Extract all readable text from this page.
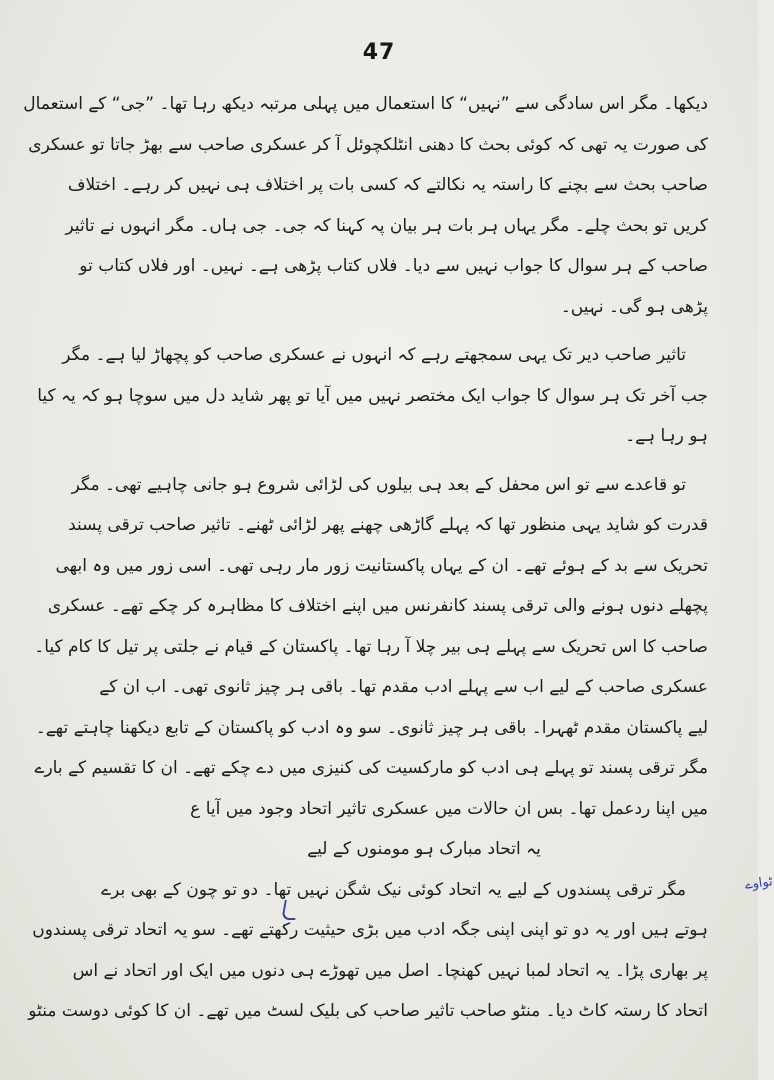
47
دیکھا۔ مگر اس سادگی سے ”نہیں“ کا استعمال میں پہلی مرتبہ دیکھ رہا تھا۔ ”جی“ کے استعمال
کی صورت یہ تھی کہ کوئی بحث کا دھنی انٹلکچوئل آ کر عسکری صاحب سے بھڑ جاتا تو عسکری
صاحب بحث سے بچنے کا راستہ یہ نکالتے کہ کسی بات پر اختلاف ہی نہیں کر رہے۔ اختلاف
کریں تو بحث چلے۔ مگر یہاں ہر بات ہر بیان پہ کہنا کہ جی۔ جی ہاں۔ مگر انہوں نے تاثیر
صاحب کے ہر سوال کا جواب نہیں سے دیا۔ فلاں کتاب پڑھی ہے۔ نہیں۔ اور فلاں کتاب تو
پڑھی ہو گی۔ نہیں۔
تاثیر صاحب دیر تک یہی سمجھتے رہے کہ انہوں نے عسکری صاحب کو پچھاڑ لیا ہے۔ مگر
جب آخر تک ہر سوال کا جواب ایک مختصر نہیں میں آیا تو پھر شاید دل میں سوچا ہو کہ یہ کیا
ہو رہا ہے۔
تو قاعدے سے تو اس محفل کے بعد ہی بیلوں کی لڑائی شروع ہو جانی چاہیے تھی۔ مگر
قدرت کو شاید یہی منظور تھا کہ پہلے گاڑھی چھنے پھر لڑائی ٹھنے۔ تاثیر صاحب ترقی پسند
تحریک سے بد کے ہوئے تھے۔ ان کے یہاں پاکستانیت زور مار رہی تھی۔ اسی زور میں وہ ابھی
پچھلے دنوں ہونے والی ترقی پسند کانفرنس میں اپنے اختلاف کا مظاہرہ کر چکے تھے۔ عسکری
صاحب کا اس تحریک سے پہلے ہی بیر چلا آ رہا تھا۔ پاکستان کے قیام نے جلتی پر تیل کا کام کیا۔
عسکری صاحب کے لیے اب سے پہلے ادب مقدم تھا۔ باقی ہر چیز ثانوی تھی۔ اب ان کے
لیے پاکستان مقدم ٹھہرا۔ باقی ہر چیز ثانوی۔ سو وہ ادب کو پاکستان کے تابع دیکھنا چاہتے تھے۔
مگر ترقی پسند تو پہلے ہی ادب کو مارکسیت کی کنیزی میں دے چکے تھے۔ ان کا تقسیم کے بارے
میں اپنا ردعمل تھا۔ بس ان حالات میں عسکری تاثیر اتحاد وجود میں آیا ع
یہ اتحاد مبارک ہو مومنوں کے لیے
مگر ترقی پسندوں کے لیے یہ اتحاد کوئی نیک شگن نہیں تھا۔ دو تو چون کے بھی برے
ہوتے ہیں اور یہ دو تو اپنی اپنی جگہ ادب میں بڑی حیثیت رکھتے تھے۔ سو یہ اتحاد ترقی پسندوں
پر بھاری پڑا۔ یہ اتحاد لمبا نہیں کھنچا۔ اصل میں تھوڑے ہی دنوں میں ایک اور اتحاد نے اس
اتحاد کا رستہ کاٹ دیا۔ منٹو صاحب تاثیر صاحب کی بلیک لسٹ میں تھے۔ ان کا کوئی دوست منٹو
ٹواوے
